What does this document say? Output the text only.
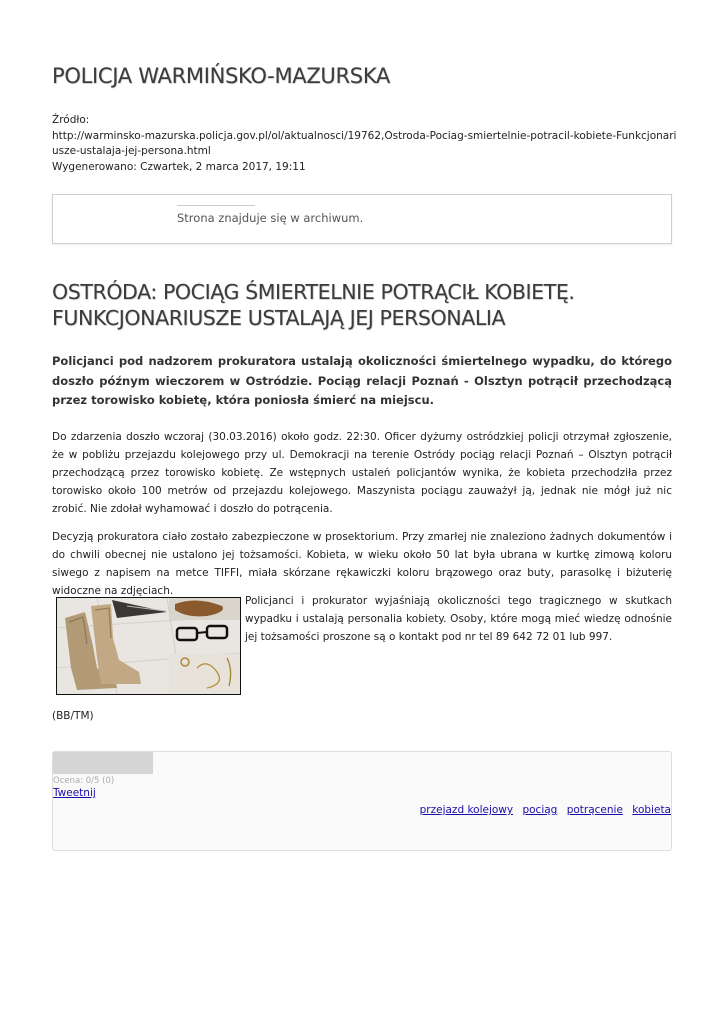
POLICJA WARMIŃSKO-MAZURSKA
Źródło:
http://warminsko-mazurska.policja.gov.pl/ol/aktualnosci/19762,Ostroda-Pociag-smiertelnie-potracil-kobiete-Funkcjonariusze-ustalaja-jej-persona.html
Wygenerowano: Czwartek, 2 marca 2017, 19:11
Strona znajduje się w archiwum.
OSTRÓDA: POCIĄG ŚMIERTELNIE POTRĄCIŁ KOBIETĘ. FUNKCJONARIUSZE USTALAJĄ JEJ PERSONALIA

Policjanci pod nadzorem prokuratora ustalają okoliczności śmiertelnego wypadku, do którego doszło późnym wieczorem w Ostródzie. Pociąg relacji Poznań - Olsztyn potrącił przechodzącą przez torowisko kobietę, która poniosła śmierć na miejscu.

Do zdarzenia doszło wczoraj (30.03.2016) około godz. 22:30. Oficer dyżurny ostródzkiej policji otrzymał zgłoszenie, że w pobliżu przejazdu kolejowego przy ul. Demokracji na terenie Ostródy pociąg relacji Poznań – Olsztyn potrącił przechodzącą przez torowisko kobietę. Ze wstępnych ustaleń policjantów wynika, że kobieta przechodziła przez torowisko około 100 metrów od przejazdu kolejowego. Maszynista pociągu zauważył ją, jednak nie mógł już nic zrobić. Nie zdołał wyhamować i doszło do potrącenia.

Decyzją prokuratora ciało zostało zabezpieczone w prosektorium. Przy zmarłej nie znaleziono żadnych dokumentów i do chwili obecnej nie ustalono jej tożsamości. Kobieta, w wieku około 50 lat była ubrana w kurtkę zimową koloru siwego z napisem na metce TIFFI, miała skórzane rękawiczki koloru brązowego oraz buty, parasolkę i biżuterię widoczne na zdjęciach.

Policjanci i prokurator wyjaśniają okoliczności tego tragicznego w skutkach wypadku i ustalają personalia kobiety. Osoby, które mogą mieć wiedzę odnośnie jej tożsamości proszone są o kontakt pod nr tel 89 642 72 01 lub 997.

(BB/TM)
Ocena: 0/5 (0)
Tweetnij
przejazd kolejowy pociąg potrącenie kobieta
